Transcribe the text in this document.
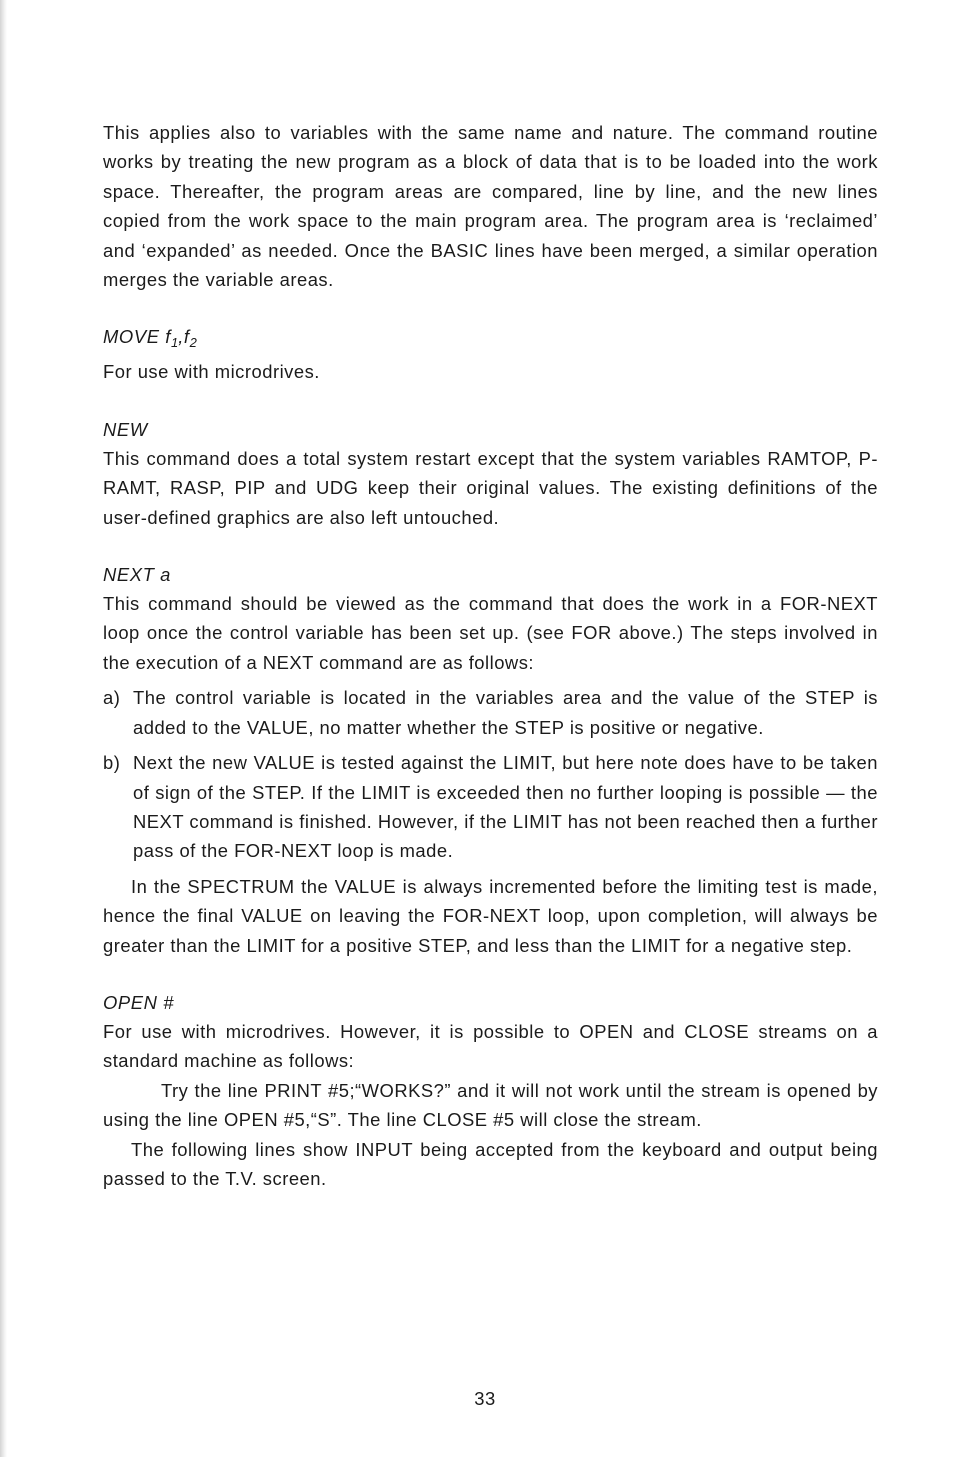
This applies also to variables with the same name and nature. The command routine works by treating the new program as a block of data that is to be loaded into the work space. Thereafter, the program areas are compared, line by line, and the new lines copied from the work space to the main program area. The program area is ‘reclaimed’ and ‘expanded’ as needed. Once the BASIC lines have been merged, a similar operation merges the variable areas.

MOVE $f_1,f_2$

For use with microdrives.

NEW

This command does a total system restart except that the system variables RAMTOP, P-RAMT, RASP, PIP and UDG keep their original values. The existing definitions of the user-defined graphics are also left untouched.

NEXT a

This command should be viewed as the command that does the work in a FOR-NEXT loop once the control variable has been set up. (see FOR above.) The steps involved in the execution of a NEXT command are as follows:

a) The control variable is located in the variables area and the value of the STEP is added to the VALUE, no matter whether the STEP is positive or negative.
b) Next the new VALUE is tested against the LIMIT, but here note does have to be taken of sign of the STEP. If the LIMIT is exceeded then no further looping is possible — the NEXT command is finished. However, if the LIMIT has not been reached then a further pass of the FOR-NEXT loop is made.

In the SPECTRUM the VALUE is always incremented before the limiting test is made, hence the final VALUE on leaving the FOR-NEXT loop, upon completion, will always be greater than the LIMIT for a positive STEP, and less than the LIMIT for a negative step.

OPEN #

For use with microdrives. However, it is possible to OPEN and CLOSE streams on a standard machine as follows:

Try the line PRINT #5;“WORKS?” and it will not work until the stream is opened by using the line OPEN #5,“S”. The line CLOSE #5 will close the stream.

The following lines show INPUT being accepted from the keyboard and output being passed to the T.V. screen.

33
